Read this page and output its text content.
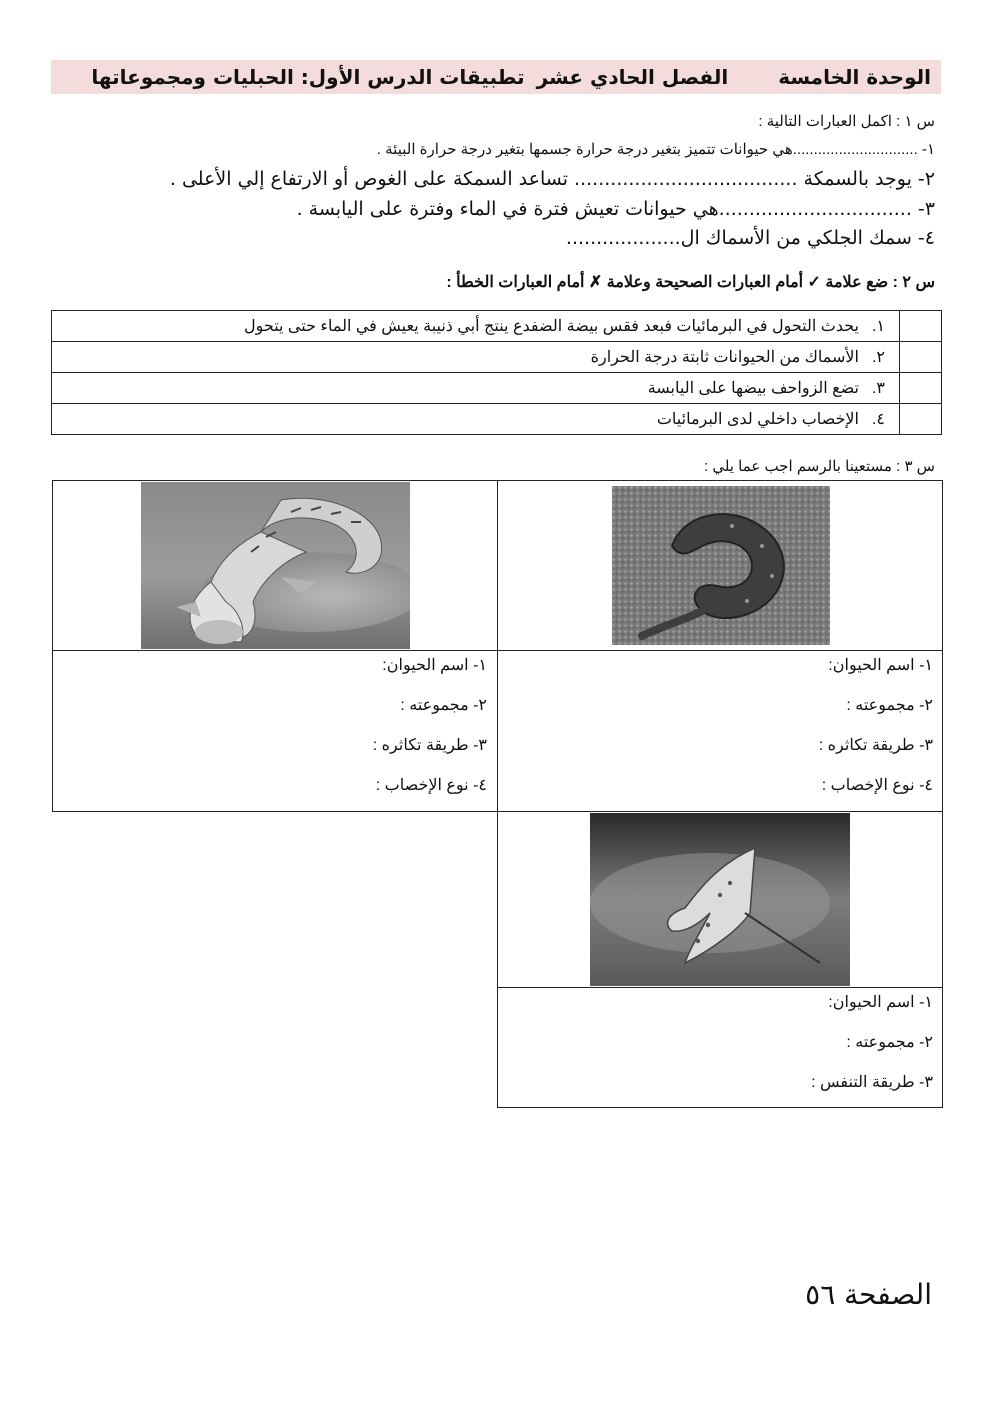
الوحدة الخامسة
الفصل الحادي عشر
تطبيقات الدرس الأول: الحبليات ومجموعاتها
س ١ : اكمل العبارات التالية :
١- ..............................هي حيوانات تتميز بتغير درجة حرارة جسمها بتغير درجة حرارة البيئة .
٢- يوجد بالسمكة ..................................... تساعد السمكة على الغوص أو الارتفاع إلي الأعلى .
٣- ................................هي حيوانات تعيش فترة في الماء وفترة على اليابسة .
٤- سمك الجلكي من الأسماك ال...................
س ٢ : ضع علامة ✓ أمام العبارات الصحيحة وعلامة ✗ أمام العبارات الخطأ :
	١.يحدث التحول في البرمائيات فبعد فقس بيضة الضفدع ينتج أبي ذنيبة يعيش في الماء حتى يتحول
	٢.الأسماك من الحيوانات ثابتة درجة الحرارة
	٣.تضع الزواحف بيضها على اليابسة
	٤.الإخصاب داخلي لدى البرمائيات
س ٣ : مستعينا بالرسم اجب عما يلي :
١- اسم الحيوان:
٢- مجموعته :
٣- طريقة تكاثره :
٤- نوع الإخصاب :
١- اسم الحيوان:
٢- مجموعته :
٣- طريقة تكاثره :
٤- نوع الإخصاب :
١- اسم الحيوان:
٢- مجموعته :
٣- طريقة التنفس :
الصفحة ٥٦
